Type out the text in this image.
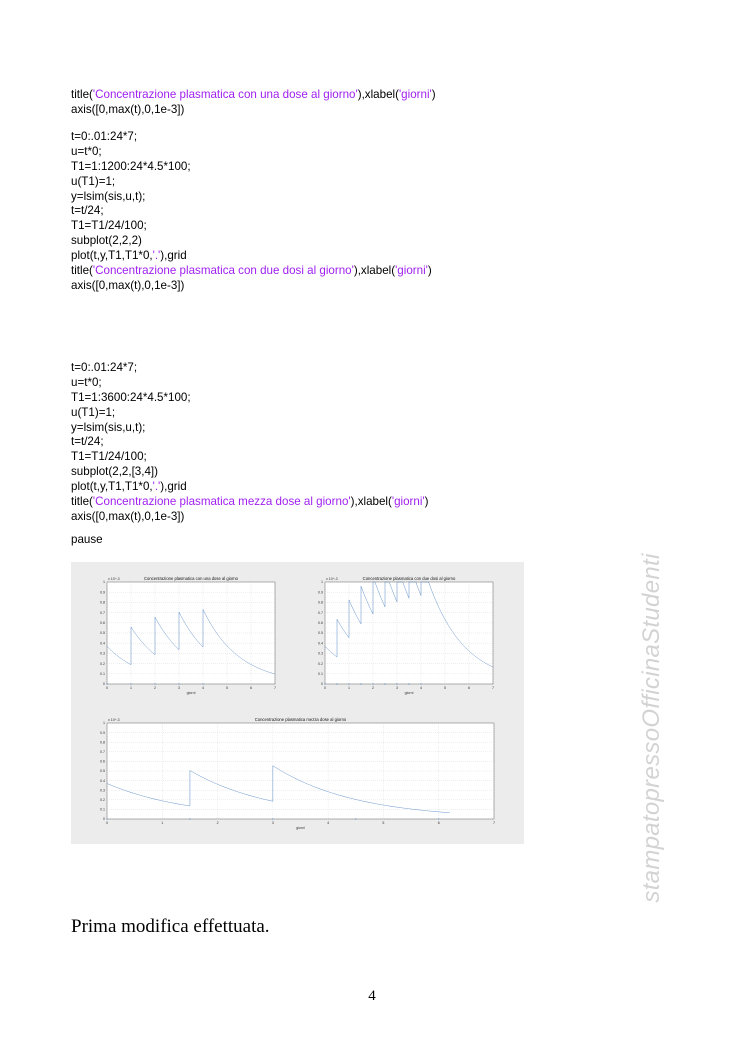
title('Concentrazione plasmatica con una dose al giorno'),xlabel('giorni')
axis([0,max(t),0,1e-3])
t=0:.01:24*7;
u=t*0;
T1=1:1200:24*4.5*100;
u(T1)=1;
y=lsim(sis,u,t);
t=t/24;
T1=T1/24/100;
subplot(2,2,2)
plot(t,y,T1,T1*0,'.'),grid
title('Concentrazione plasmatica con due dosi al giorno'),xlabel('giorni')
axis([0,max(t),0,1e-3])
t=0:.01:24*7;
u=t*0;
T1=1:3600:24*4.5*100;
u(T1)=1;
y=lsim(sis,u,t);
t=t/24;
T1=T1/24/100;
subplot(2,2,[3,4])
plot(t,y,T1,T1*0,'.'),grid
title('Concentrazione plasmatica mezza dose al giorno'),xlabel('giorni')
axis([0,max(t),0,1e-3])
pause
0	1	2	3	4	5	6	7
0
0.1
0.2
0.3
0.4
0.5
0.6
0.7
0.8
0.9
1
x 10^-3	Concentrazione plasmatica con una dose al giorno
giorni
0	1	2	3	4	5	6	7
0
0.1
0.2
0.3
0.4
0.5
0.6
0.7
0.8
0.9
1
x 10^-3	Concentrazione plasmatica con due dosi al giorno
giorni
0	1	2	3	4	5	6	7
0
0.1
0.2
0.3
0.4
0.5
0.6
0.7
0.8
0.9
1
x 10^-3	Concentrazione plasmatica mezza dose al giorno
giorni
Prima modifica effettuata.
4
stampatopressoOfficinaStudenti
